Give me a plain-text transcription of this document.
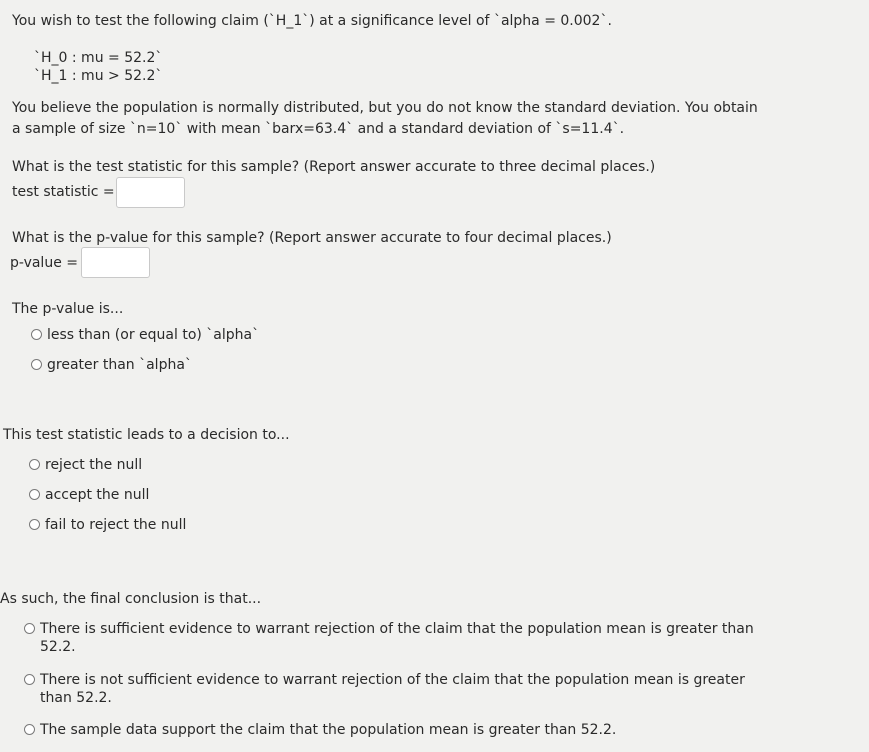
You wish to test the following claim (`H_1`) at a significance level of `alpha = 0.002`.
`H_0 : mu = 52.2`
`H_1 : mu > 52.2`
You believe the population is normally distributed, but you do not know the standard deviation. You obtain
a sample of size `n=10` with mean `barx=63.4` and a standard deviation of `s=11.4`.
What is the test statistic for this sample? (Report answer accurate to three decimal places.)
test statistic =
What is the p-value for this sample? (Report answer accurate to four decimal places.)
p-value =
The p-value is...
less than (or equal to) `alpha`
greater than `alpha`
This test statistic leads to a decision to...
reject the null
accept the null
fail to reject the null
As such, the final conclusion is that...
There is sufficient evidence to warrant rejection of the claim that the population mean is greater than 52.2.
There is not sufficient evidence to warrant rejection of the claim that the population mean is greater than 52.2.
The sample data support the claim that the population mean is greater than 52.2.
